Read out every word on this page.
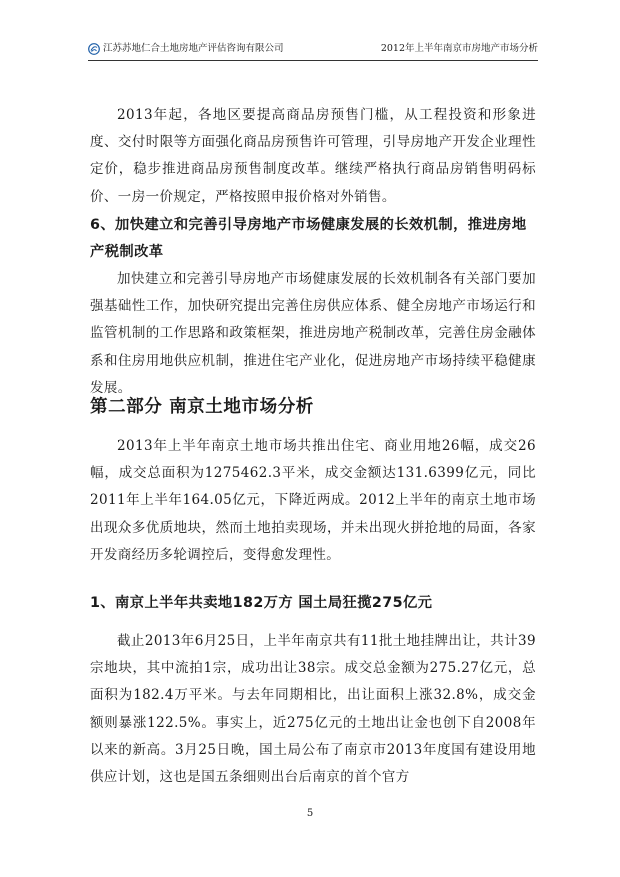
江苏苏地仁合土地房地产评估咨询有限公司	2012年上半年南京市房地产市场分析

2013年起，各地区要提高商品房预售门槛，从工程投资和形象进度、交付时限等方面强化商品房预售许可管理，引导房地产开发企业理性定价，稳步推进商品房预售制度改革。继续严格执行商品房销售明码标价、一房一价规定，严格按照申报价格对外销售。

6、加快建立和完善引导房地产市场健康发展的长效机制，推进房地产税制改革

加快建立和完善引导房地产市场健康发展的长效机制各有关部门要加强基础性工作，加快研究提出完善住房供应体系、健全房地产市场运行和监管机制的工作思路和政策框架，推进房地产税制改革，完善住房金融体系和住房用地供应机制，推进住宅产业化，促进房地产市场持续平稳健康发展。

第二部分 南京土地市场分析

2013年上半年南京土地市场共推出住宅、商业用地26幅，成交26幅，成交总面积为1275462.3平米，成交金额达131.6399亿元，同比2011年上半年164.05亿元，下降近两成。2012上半年的南京土地市场出现众多优质地块，然而土地拍卖现场，并未出现火拼抢地的局面，各家开发商经历多轮调控后，变得愈发理性。

1、南京上半年共卖地182万方 国土局狂揽275亿元

截止2013年6月25日，上半年南京共有11批土地挂牌出让，共计39宗地块，其中流拍1宗，成功出让38宗。成交总金额为275.27亿元，总面积为182.4万平米。与去年同期相比，出让面积上涨32.8%，成交金额则暴涨122.5%。事实上，近275亿元的土地出让金也创下自2008年以来的新高。3月25日晚，国土局公布了南京市2013年度国有建设用地供应计划，这也是国五条细则出台后南京的首个官方

5
